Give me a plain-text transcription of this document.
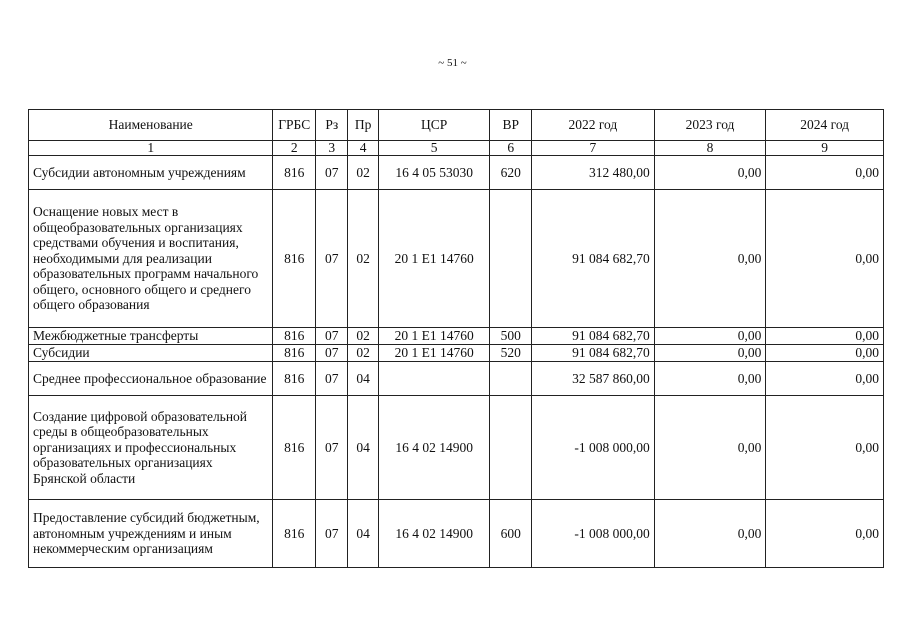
~ 51 ~
Наименование	ГРБС	Рз	Пр	ЦСР	ВР	2022 год	2023 год	2024 год
1	2	3	4	5	6	7	8	9
Субсидии автономным учреждениям	816	07	02	16 4 05 53030	620	312 480,00	0,00	0,00
Оснащение новых мест в общеобразовательных организациях средствами обучения и воспитания, необходимыми для реализации образовательных программ начального общего, основного общего и среднего общего образования	816	07	02	20 1 E1 14760		91 084 682,70	0,00	0,00
Межбюджетные трансферты	816	07	02	20 1 E1 14760	500	91 084 682,70	0,00	0,00
Субсидии	816	07	02	20 1 E1 14760	520	91 084 682,70	0,00	0,00
Среднее профессиональное образование	816	07	04			32 587 860,00	0,00	0,00
Создание цифровой образовательной среды в общеобразовательных организациях и профессиональных образовательных организациях Брянской области	816	07	04	16 4 02 14900		-1 008 000,00	0,00	0,00
Предоставление субсидий бюджетным, автономным учреждениям и иным некоммерческим организациям	816	07	04	16 4 02 14900	600	-1 008 000,00	0,00	0,00
